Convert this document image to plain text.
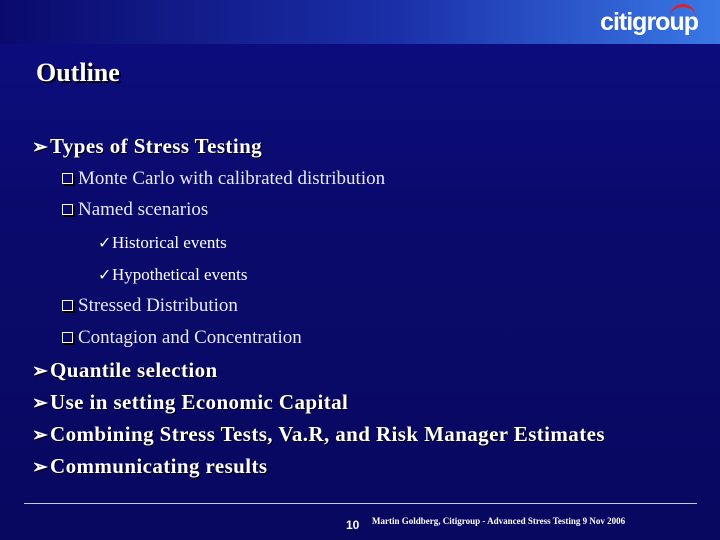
citigroup
Outline
➢Types of Stress Testing
Monte Carlo with calibrated distribution
Named scenarios
✓Historical events
✓Hypothetical events
Stressed Distribution
Contagion and Concentration
➢Quantile selection
➢Use in setting Economic Capital
➢Combining Stress Tests, Va.R, and Risk Manager Estimates
➢Communicating results
10 Martin Goldberg, Citigroup - Advanced Stress Testing 9 Nov 2006
